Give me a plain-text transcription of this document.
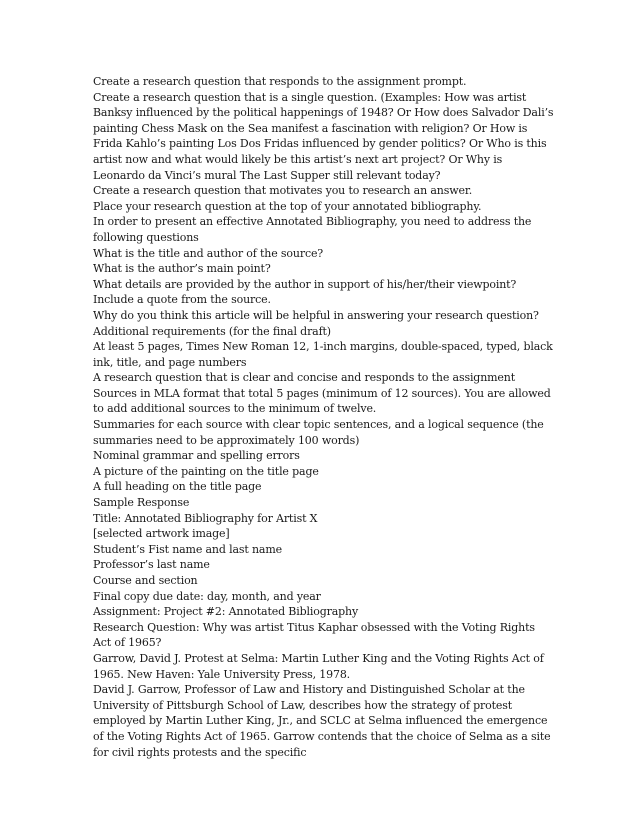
Create a research question that responds to the assignment prompt.

Create a research question that is a single question. (Examples: How was artist Banksy influenced by the political happenings of 1948? Or How does Salvador Dali’s painting Chess Mask on the Sea manifest a fascination with religion? Or How is Frida Kahlo’s painting Los Dos Fridas influenced by gender politics? Or Who is this artist now and what would likely be this artist’s next art project? Or Why is Leonardo da Vinci’s mural The Last Supper still relevant today?

Create a research question that motivates you to research an answer.

Place your research question at the top of your annotated bibliography.

In order to present an effective Annotated Bibliography, you need to address the following questions

What is the title and author of the source?

What is the author’s main point?

What details are provided by the author in support of his/her/their viewpoint? Include a quote from the source.

Why do you think this article will be helpful in answering your research question?

Additional requirements (for the final draft)

At least 5 pages, Times New Roman 12, 1-inch margins, double-spaced, typed, black ink, title, and page numbers

A research question that is clear and concise and responds to the assignment

Sources in MLA format that total 5 pages (minimum of 12 sources). You are allowed to add additional sources to the minimum of twelve.

Summaries for each source with clear topic sentences, and a logical sequence (the summaries need to be approximately 100 words)

Nominal grammar and spelling errors

A picture of the painting on the title page

A full heading on the title page

Sample Response

Title: Annotated Bibliography for Artist X

[selected artwork image]

Student’s Fist name and last name

Professor’s last name

Course and section

Final copy due date: day, month, and year

Assignment: Project #2: Annotated Bibliography

Research Question: Why was artist Titus Kaphar obsessed with the Voting Rights Act of 1965?

Garrow, David J. Protest at Selma: Martin Luther King and the Voting Rights Act of 1965. New Haven: Yale University Press, 1978.

David J. Garrow, Professor of Law and History and Distinguished Scholar at the University of Pittsburgh School of Law, describes how the strategy of protest employed by Martin Luther King, Jr., and SCLC at Selma influenced the emergence of the Voting Rights Act of 1965. Garrow contends that the choice of Selma as a site for civil rights protests and the specific
